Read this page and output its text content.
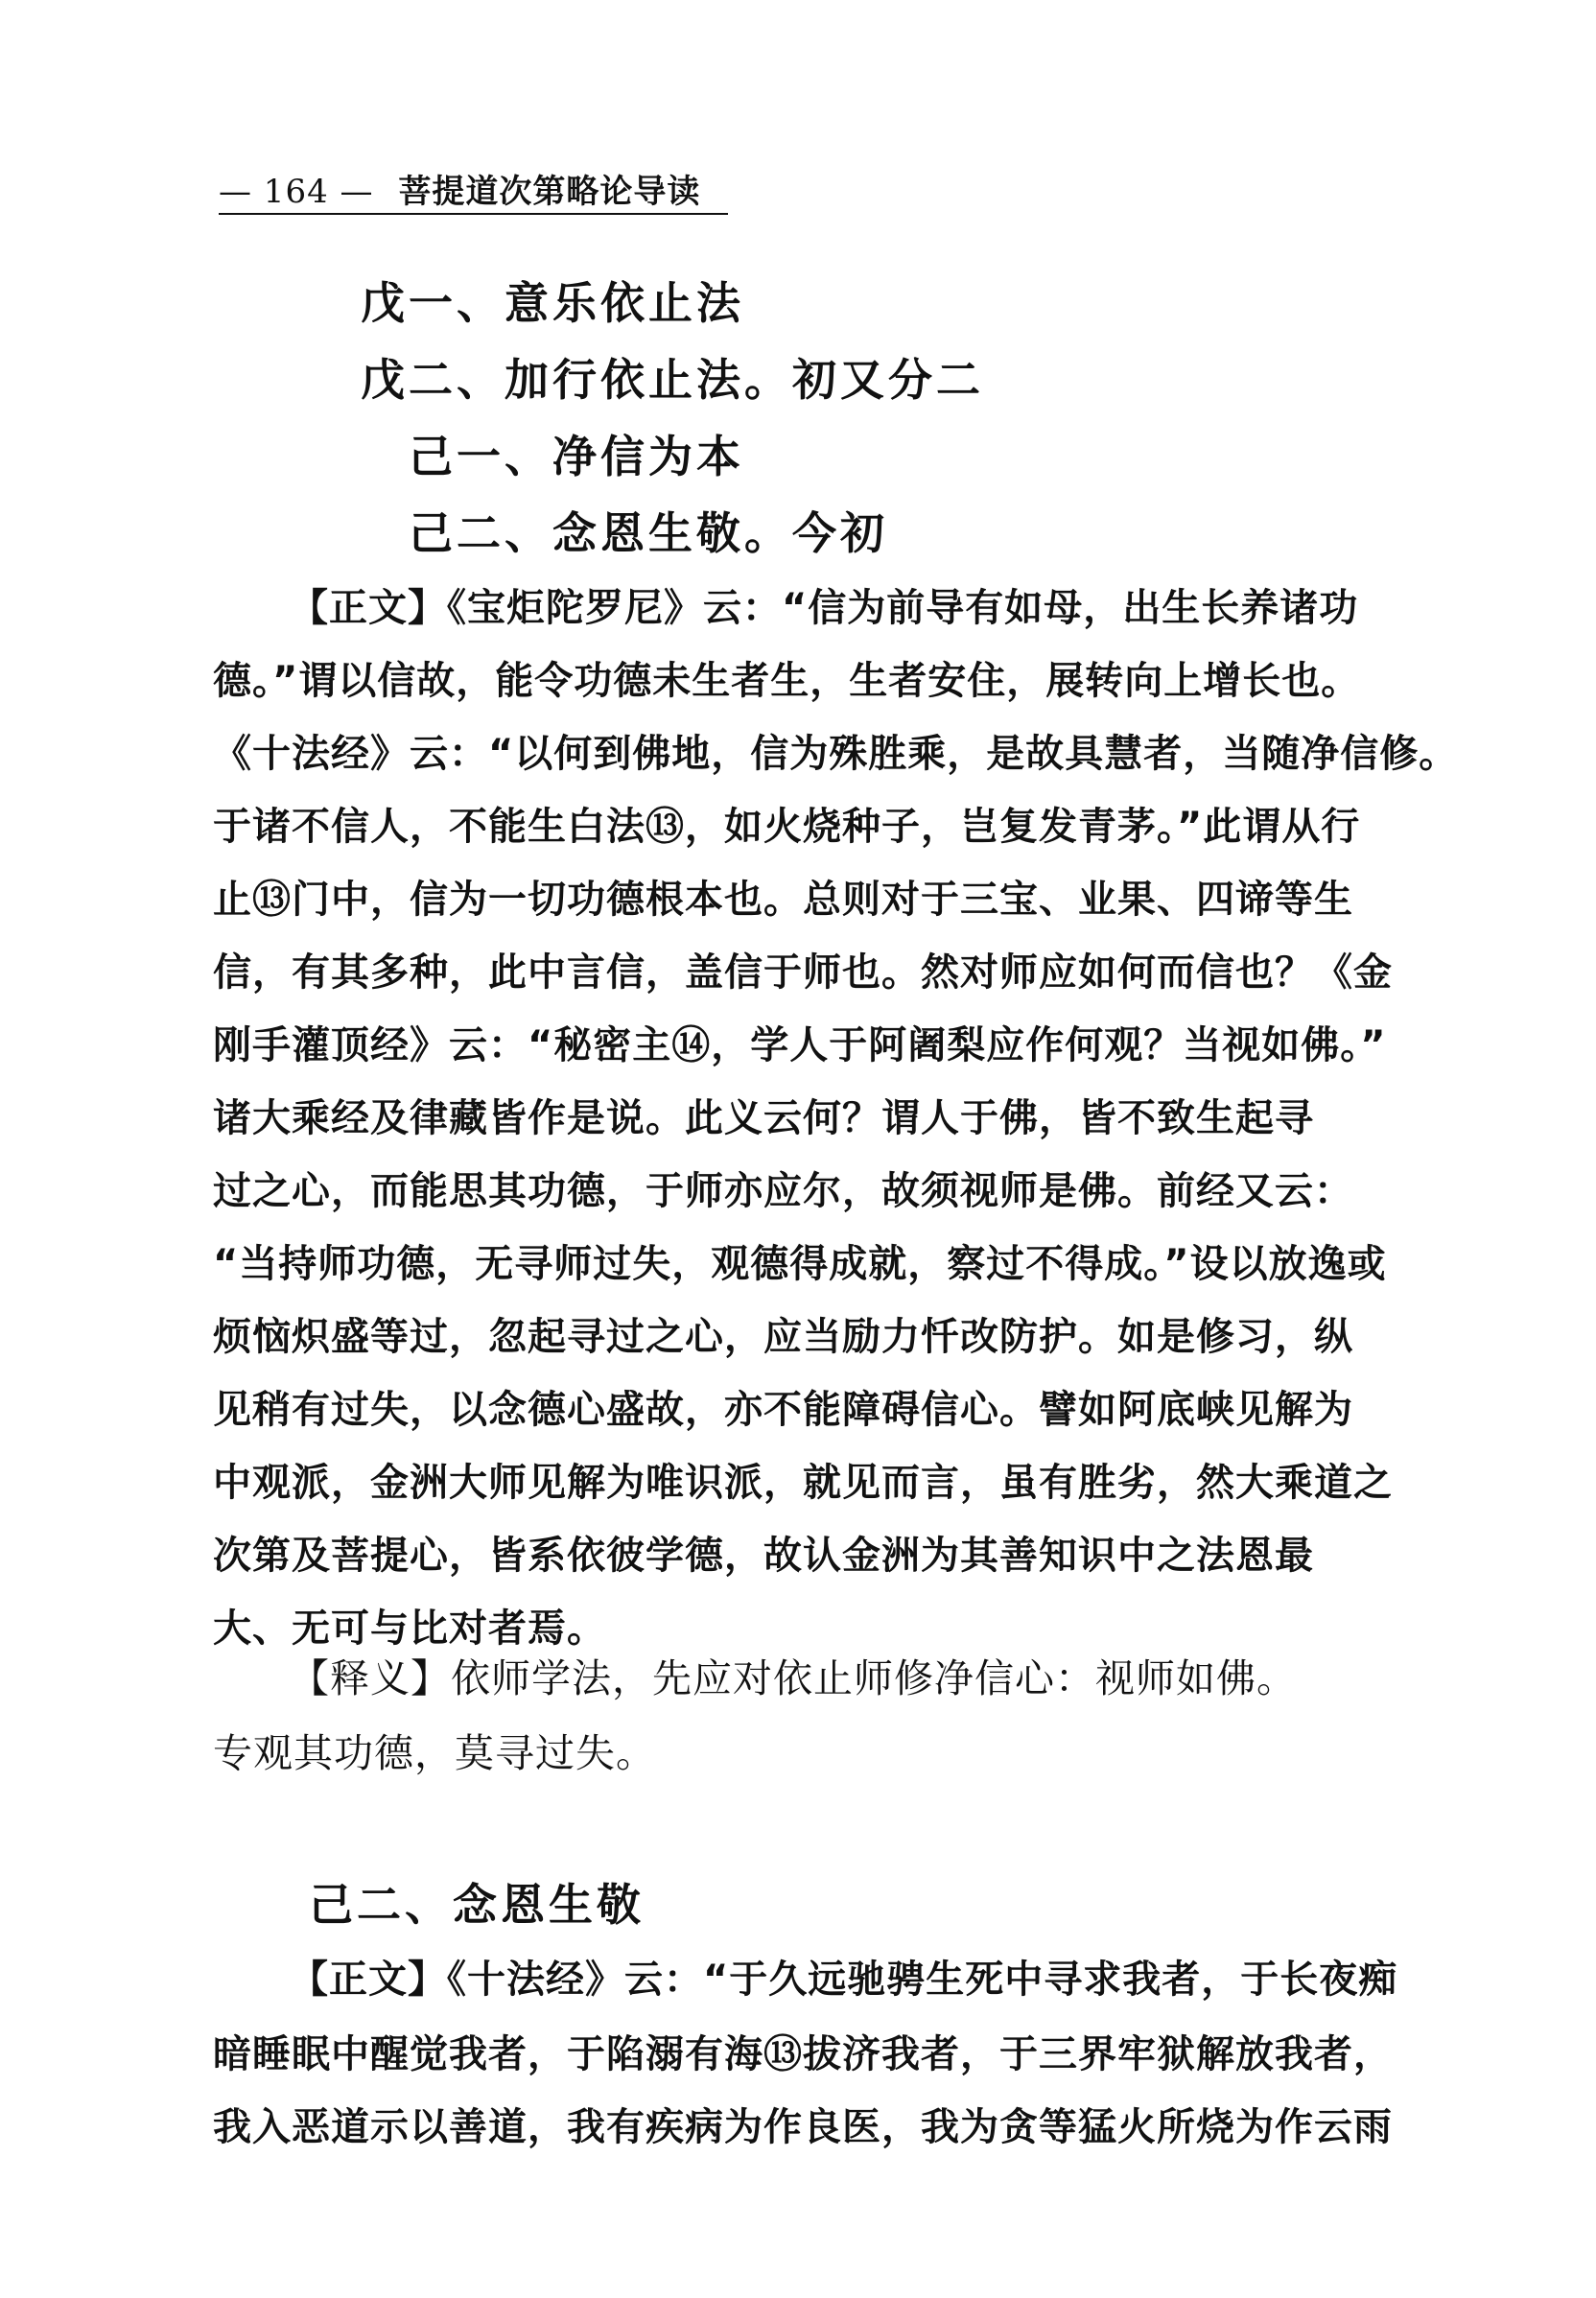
— 164 — 菩提道次第略论导读
戊一、意乐依止法
戊二、加行依止法。初又分二
己一、净信为本
己二、念恩生敬。今初
【正文】《宝炬陀罗尼》云：“信为前导有如母，出生长养诸功
德。”谓以信故，能令功德未生者生，生者安住，展转向上增长也。
《十法经》云：“以何到佛地，信为殊胜乘，是故具慧者，当随净信修。
于诸不信人，不能生白法⑬，如火烧种子，岂复发青茅。”此谓从行
止⑬门中，信为一切功德根本也。总则对于三宝、业果、四谛等生
信，有其多种，此中言信，盖信于师也。然对师应如何而信也？《金
刚手灌顶经》云：“秘密主⑭，学人于阿阇梨应作何观？当视如佛。”
诸大乘经及律藏皆作是说。此义云何？谓人于佛，皆不致生起寻
过之心，而能思其功德，于师亦应尔，故须视师是佛。前经又云：
“当持师功德，无寻师过失，观德得成就，察过不得成。”设以放逸或
烦恼炽盛等过，忽起寻过之心，应当励力忏改防护。如是修习，纵
见稍有过失，以念德心盛故，亦不能障碍信心。譬如阿底峡见解为
中观派，金洲大师见解为唯识派，就见而言，虽有胜劣，然大乘道之
次第及菩提心，皆系依彼学德，故认金洲为其善知识中之法恩最
大、无可与比对者焉。
【释义】依师学法，先应对依止师修净信心：视师如佛。
专观其功德，莫寻过失。
己二、念恩生敬
【正文】《十法经》云：“于久远驰骋生死中寻求我者，于长夜痴
暗睡眠中醒觉我者，于陷溺有海⑬拔济我者，于三界牢狱解放我者，
我入恶道示以善道，我有疾病为作良医，我为贪等猛火所烧为作云雨
